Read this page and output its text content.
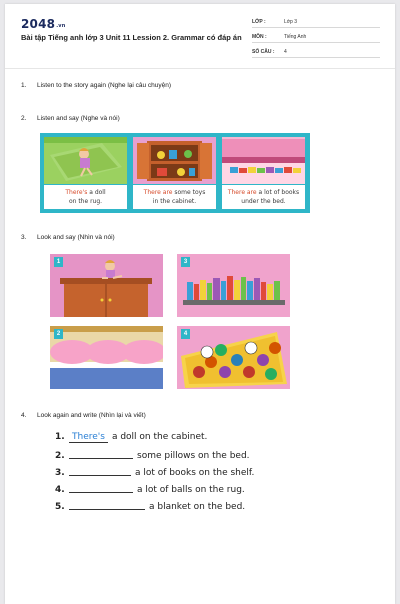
2048.vn
Bài tập Tiếng anh lớp 3 Unit 11 Lession 2. Grammar có đáp án
LỚP :	Lớp 3
MÔN :	Tiếng Anh
SỐ CÂU : 4
1. Listen to the story again (Nghe lại câu chuyện)
2. Listen and say (Nghe và nói)
There's a doll
on the rug.
There are some toys
in the cabinet.
There are a lot of books
under the bed.
3. Look and say (Nhìn và nói)
1	3
2	4
4. Look again and write (Nhìn lại và viết)
1. There's a doll on the cabinet.
2.	some pillows on the bed.
3.	a lot of books on the shelf.
4.	a lot of balls on the rug.
5.	a blanket on the bed.
